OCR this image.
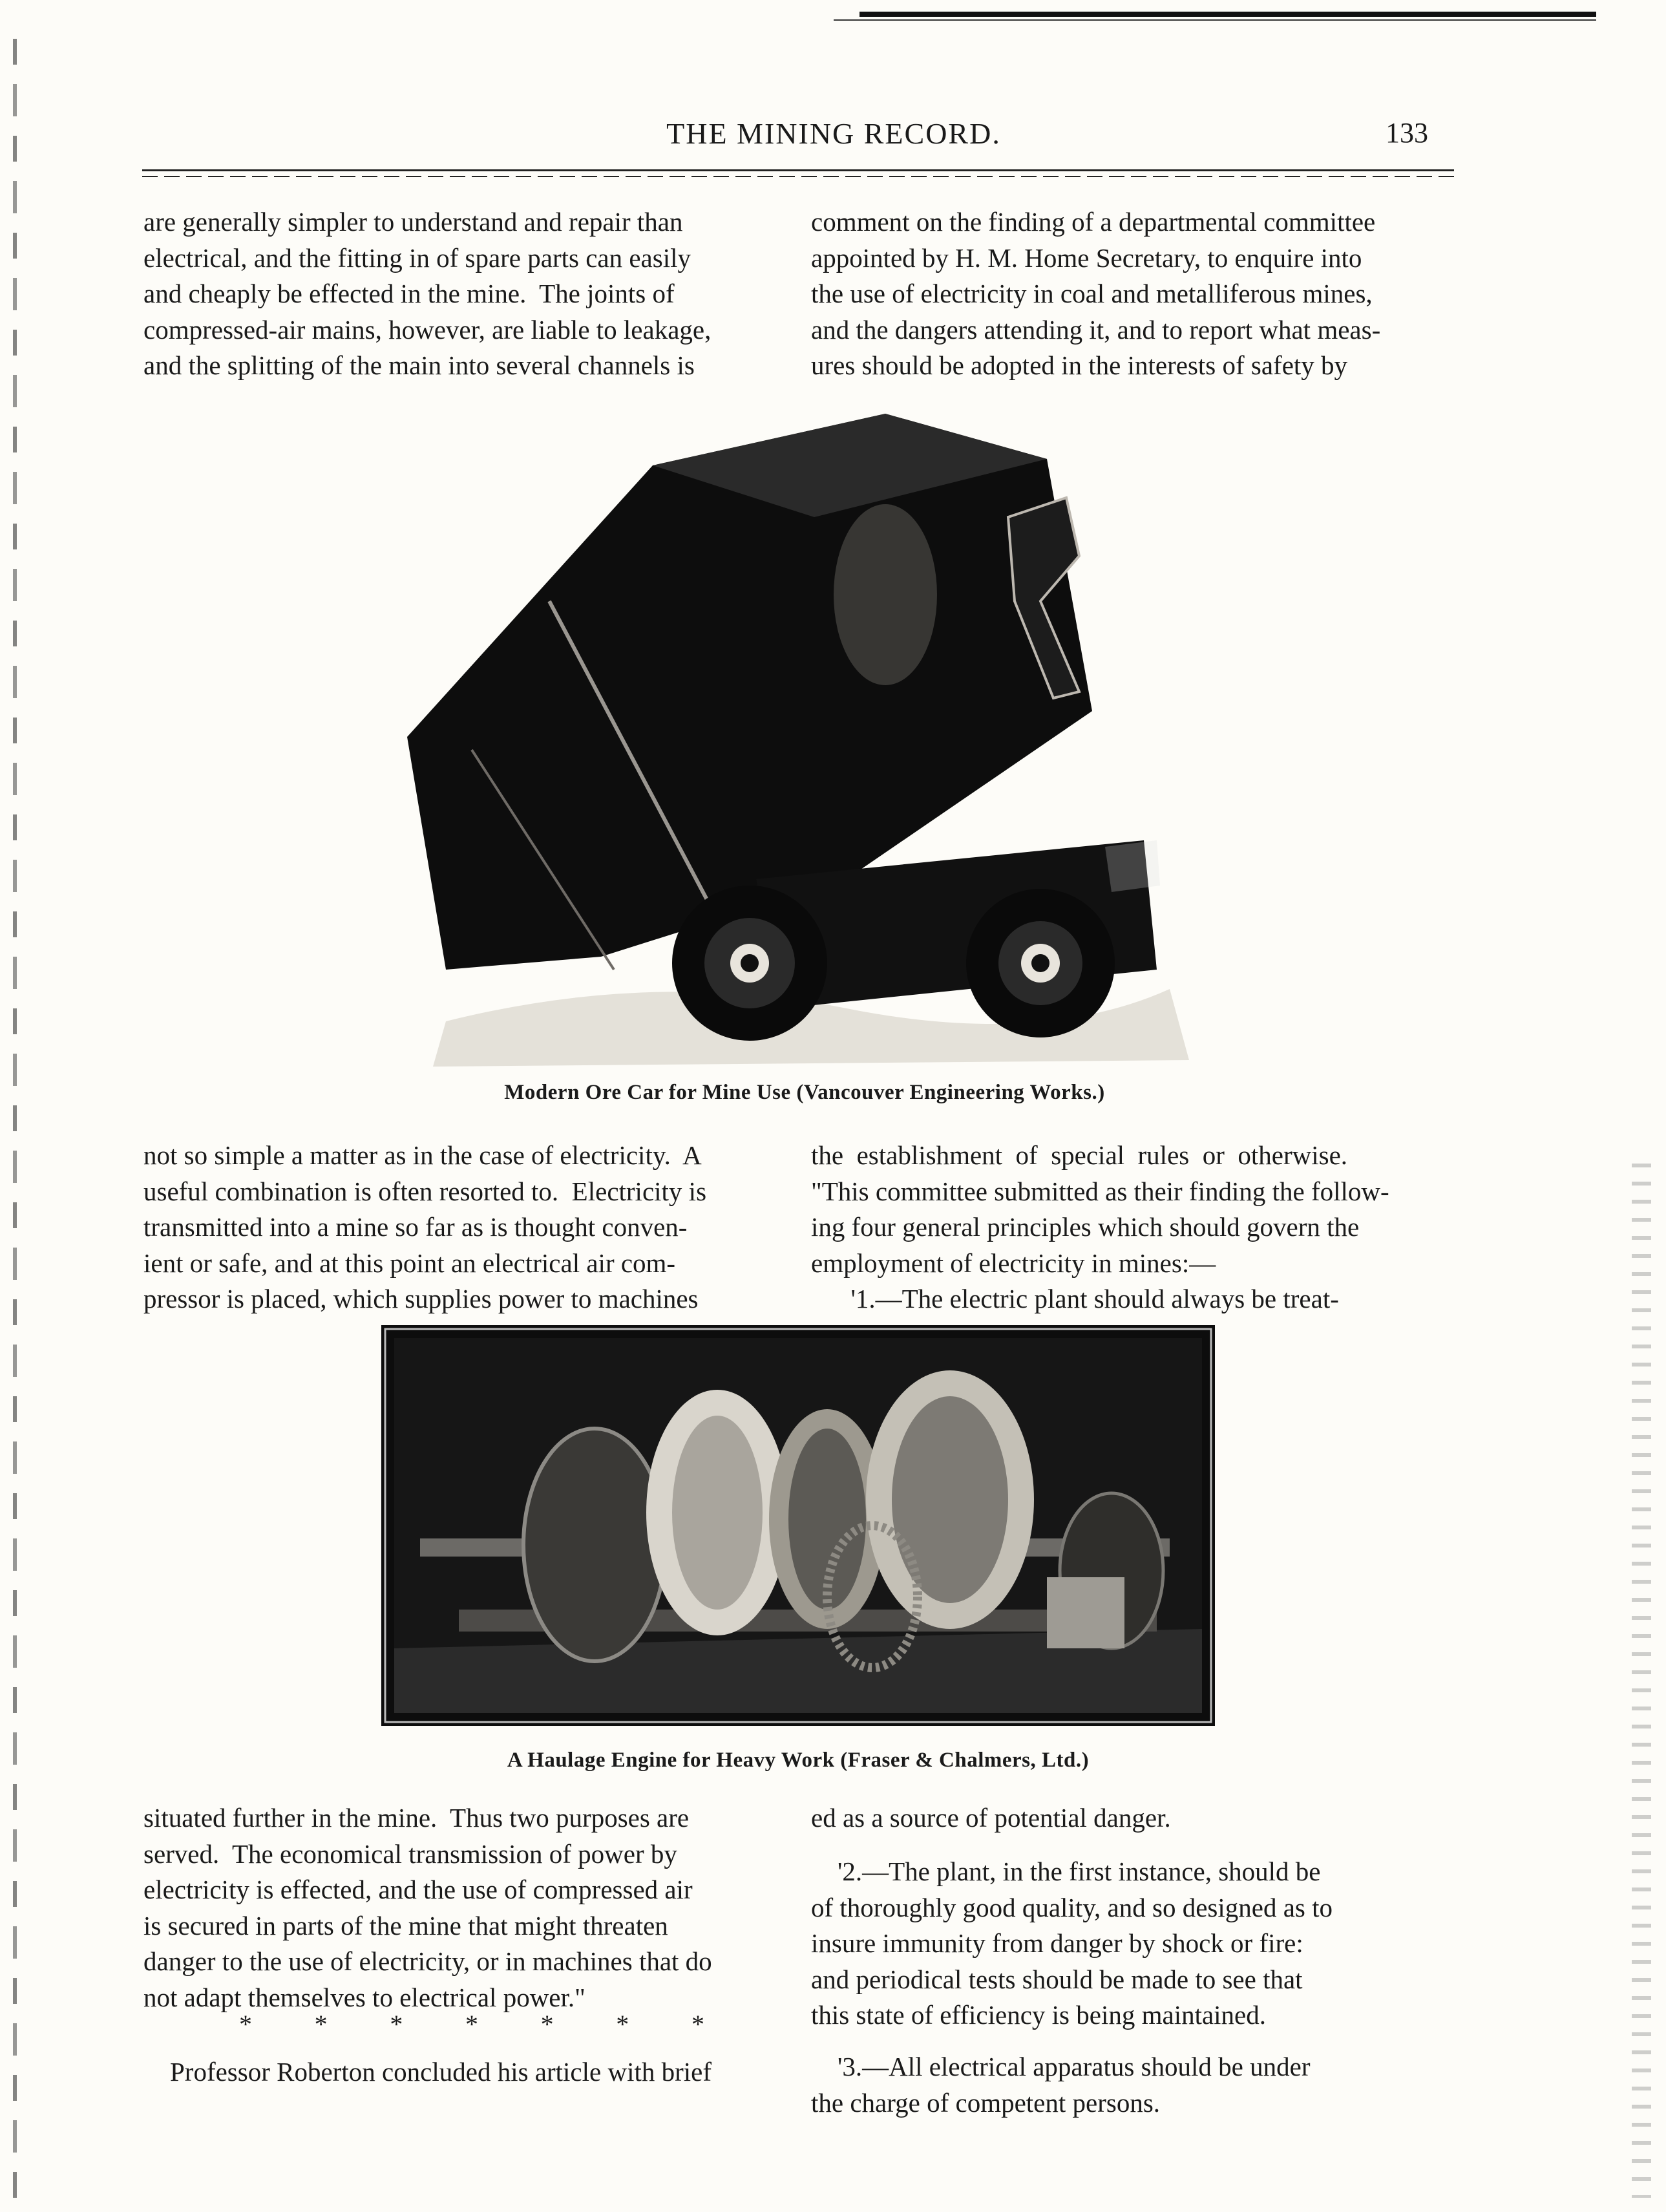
THE MINING RECORD.	133

are generally simpler to understand and repair than
electrical, and the fitting in of spare parts can easily
and cheaply be effected in the mine.  The joints of
compressed-air mains, however, are liable to leakage,
and the splitting of the main into several channels is

comment on the finding of a departmental committee
appointed by H. M. Home Secretary, to enquire into
the use of electricity in coal and metalliferous mines,
and the dangers attending it, and to report what meas-
ures should be adopted in the interests of safety by

Modern Ore Car for Mine Use (Vancouver Engineering Works.)

not so simple a matter as in the case of electricity.  A
useful combination is often resorted to.  Electricity is
transmitted into a mine so far as is thought conven-
ient or safe, and at this point an electrical air com-
pressor is placed, which supplies power to machines

the  establishment  of  special  rules  or  otherwise.
"This committee submitted as their finding the follow-
ing four general principles which should govern the
employment of electricity in mines:—
'1.—The electric plant should always be treat-

A Haulage Engine for Heavy Work (Fraser & Chalmers, Ltd.)

situated further in the mine.  Thus two purposes are
served.  The economical transmission of power by
electricity is effected, and the use of compressed air
is secured in parts of the mine that might threaten
danger to the use of electricity, or in machines that do
not adapt themselves to electrical power."

* * * * * * *

Professor Roberton concluded his article with brief

ed as a source of potential danger.

'2.—The plant, in the first instance, should be
of thoroughly good quality, and so designed as to
insure immunity from danger by shock or fire:
and periodical tests should be made to see that
this state of efficiency is being maintained.

'3.—All electrical apparatus should be under
the charge of competent persons.
